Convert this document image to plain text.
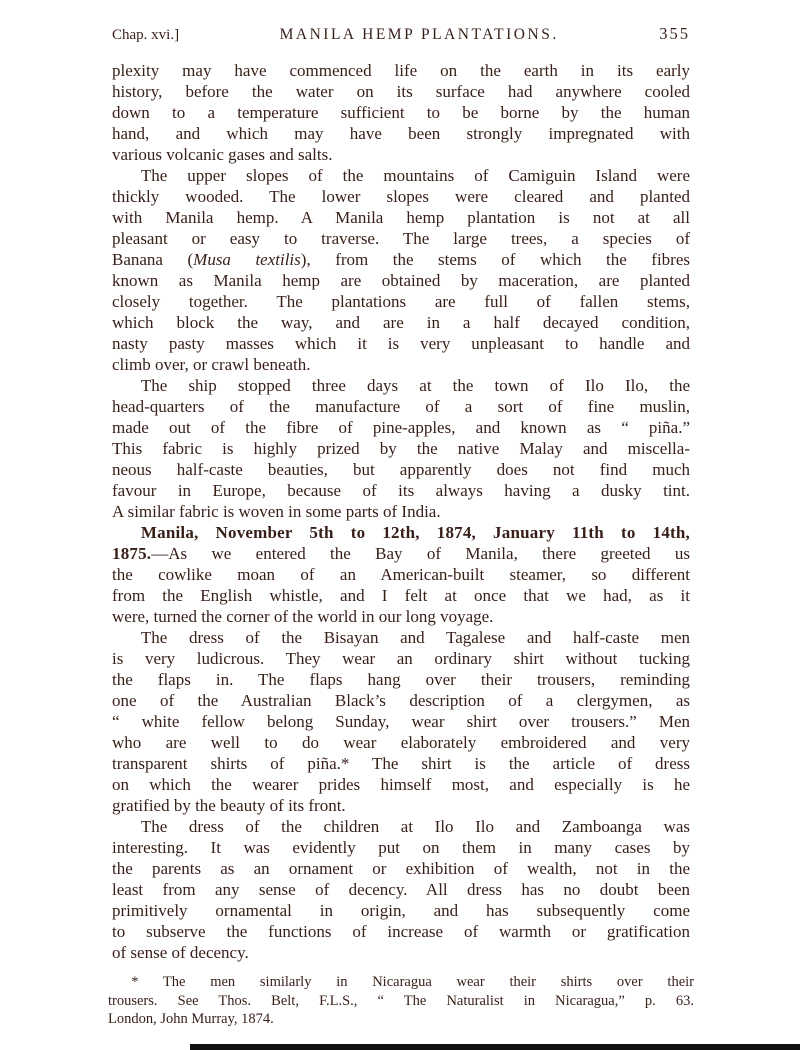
Chap. xvi.]	MANILA HEMP PLANTATIONS.	355
plexity may have commenced life on the earth in its early
history, before the water on its surface had anywhere cooled
down to a temperature sufficient to be borne by the human
hand, and which may have been strongly impregnated with
various volcanic gases and salts.
The upper slopes of the mountains of Camiguin Island were
thickly wooded. The lower slopes were cleared and planted
with Manila hemp. A Manila hemp plantation is not at all
pleasant or easy to traverse. The large trees, a species of
Banana (Musa textilis), from the stems of which the fibres
known as Manila hemp are obtained by maceration, are planted
closely together. The plantations are full of fallen stems,
which block the way, and are in a half decayed condition,
nasty pasty masses which it is very unpleasant to handle and
climb over, or crawl beneath.
The ship stopped three days at the town of Ilo Ilo, the
head-quarters of the manufacture of a sort of fine muslin,
made out of the fibre of pine-apples, and known as “ piña.”
This fabric is highly prized by the native Malay and miscella-
neous half-caste beauties, but apparently does not find much
favour in Europe, because of its always having a dusky tint.
A similar fabric is woven in some parts of India.
Manila, November 5th to 12th, 1874, January 11th to 14th,
1875.—As we entered the Bay of Manila, there greeted us
the cowlike moan of an American-built steamer, so different
from the English whistle, and I felt at once that we had, as it
were, turned the corner of the world in our long voyage.
The dress of the Bisayan and Tagalese and half-caste men
is very ludicrous. They wear an ordinary shirt without tucking
the flaps in. The flaps hang over their trousers, reminding
one of the Australian Black’s description of a clergymen, as
“ white fellow belong Sunday, wear shirt over trousers.” Men
who are well to do wear elaborately embroidered and very
transparent shirts of piña.* The shirt is the article of dress
on which the wearer prides himself most, and especially is he
gratified by the beauty of its front.
The dress of the children at Ilo Ilo and Zamboanga was
interesting. It was evidently put on them in many cases by
the parents as an ornament or exhibition of wealth, not in the
least from any sense of decency. All dress has no doubt been
primitively ornamental in origin, and has subsequently come
to subserve the functions of increase of warmth or gratification
of sense of decency.
* The men similarly in Nicaragua wear their shirts over their
trousers. See Thos. Belt, F.L.S., “ The Naturalist in Nicaragua,” p. 63.
London, John Murray, 1874.
